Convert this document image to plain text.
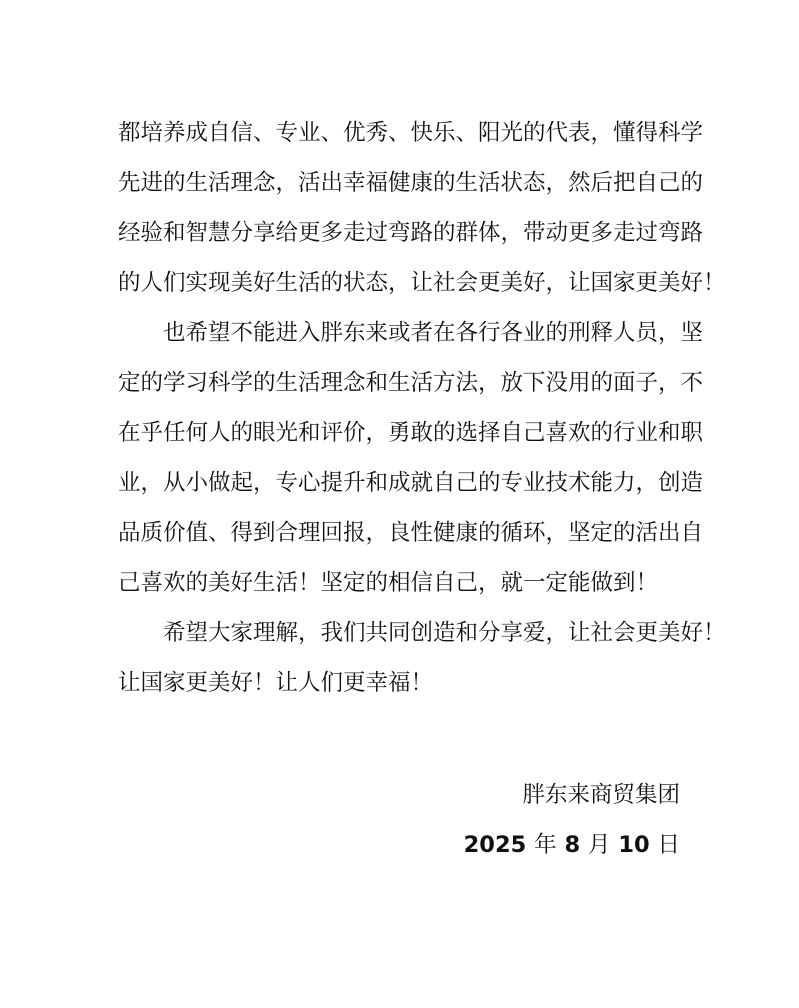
都培养成自信、专业、优秀、快乐、阳光的代表，懂得科学
先进的生活理念，活出幸福健康的生活状态，然后把自己的
经验和智慧分享给更多走过弯路的群体，带动更多走过弯路
的人们实现美好生活的状态，让社会更美好，让国家更美好！
也希望不能进入胖东来或者在各行各业的刑释人员，坚
定的学习科学的生活理念和生活方法，放下没用的面子，不
在乎任何人的眼光和评价，勇敢的选择自己喜欢的行业和职
业，从小做起，专心提升和成就自己的专业技术能力，创造
品质价值、得到合理回报，良性健康的循环，坚定的活出自
己喜欢的美好生活！坚定的相信自己，就一定能做到！
希望大家理解，我们共同创造和分享爱，让社会更美好！
让国家更美好！让人们更幸福！
胖东来商贸集团
2025 年 8 月 10 日
